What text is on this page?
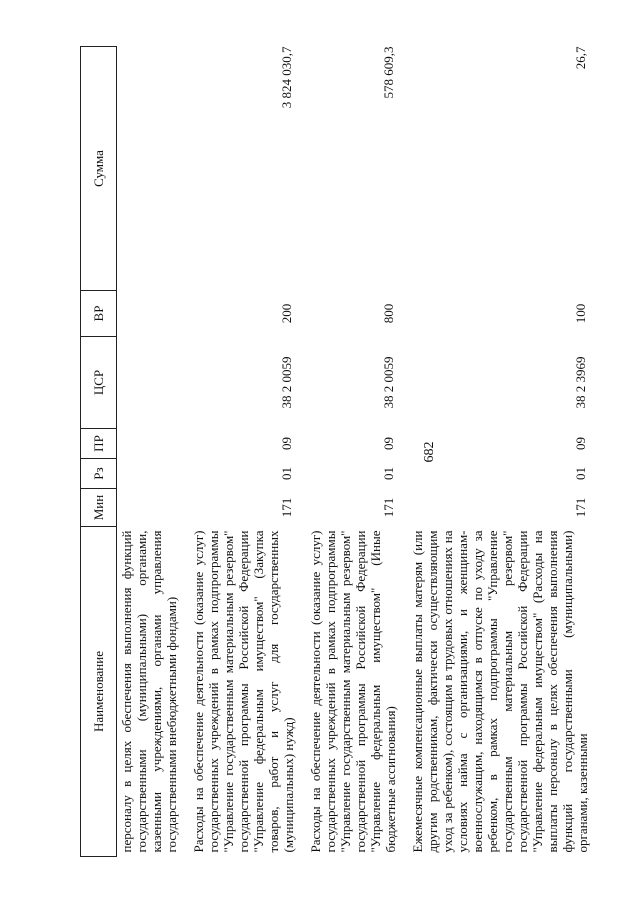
682
Наименование	Мин	Рз	ПР	ЦСР	ВР	Сумма
персоналу в целях обеспечения выполнения функций государственными (муниципальными) органами, казенными учреждениями, органами управления государственными внебюджетными фондами)						
Расходы на обеспечение деятельности (оказание услуг) государственных учреждений в рамках подпрограммы "Управление государственным материальным резервом" государственной программы Российской Федерации "Управление федеральным имуществом" (Закупка товаров, работ и услуг для государственных (муниципальных) нужд)	171	01	09	38 2 0059	200	3 824 030,7
Расходы на обеспечение деятельности (оказание услуг) государственных учреждений в рамках подпрограммы "Управление государственным материальным резервом" государственной программы Российской Федерации "Управление федеральным имуществом" (Иные бюджетные ассигнования)	171	01	09	38 2 0059	800	578 609,3
Ежемесячные компенсационные выплаты матерям (или другим родственникам, фактически осуществляющим уход за ребенком), состоящим в трудовых отношениях на условиях найма с организациями, и женщинам-военнослужащим, находящимся в отпуске по уходу за ребенком, в рамках подпрограммы "Управление государственным материальным резервом" государственной программы Российской Федерации "Управление федеральным имуществом" (Расходы на выплаты персоналу в целях обеспечения выполнения функций государственными (муниципальными) органами, казенными	171	01	09	38 2 3969	100	26,7
